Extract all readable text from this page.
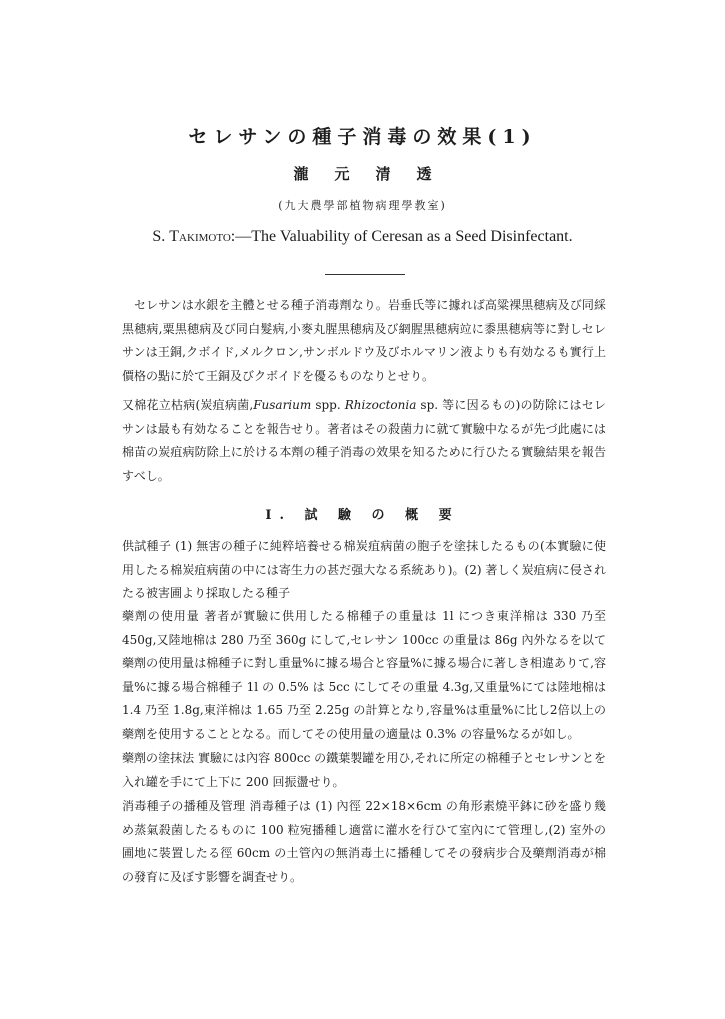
セレサンの種子消毒の效果(1)
瀧元清透
(九大農學部植物病理學教室)
S. Takimoto:—The Valuability of Ceresan as a Seed Disinfectant.
セレサンは水銀を主體とせる種子消毒劑なり。岩垂氏等に據れば高粱裸黒穂病及び同綵黒穂病,粟黒穂病及び同白髮病,小麥丸腥黒穂病及び網腥黒穂病竝に黍黒穂病等に對しセレサンは王銅,クボイド,メルクロン,サンボルドウ及びホルマリン液よりも有効なるも實行上價格の點に於て王銅及びクボイドを優るものなりとせり。
又棉花立枯病(炭疽病菌,Fusarium spp. Rhizoctonia sp. 等に因るもの)の防除にはセレサンは最も有効なることを報告せり。著者はその殺菌力に就て實驗中なるが先づ此處には棉苗の炭疽病防除上に於ける本劑の種子消毒の效果を知るために行ひたる實驗結果を報告すべし。
I. 試 驗 の 概 要
供試種子 (1) 無害の種子に純粹培養せる棉炭疽病菌の胞子を塗抹したるもの(本實驗に使用したる棉炭疽病菌の中には寄生力の甚だ强大なる系統あり)。(2) 著しく炭疽病に侵されたる被害圃より採取したる種子
藥劑の使用量 著者が實驗に供用したる棉種子の重量は 1l につき東洋棉は 330 乃至 450g,又陸地棉は 280 乃至 360g にして,セレサン 100cc の重量は 86g 內外なるを以て藥劑の使用量は棉種子に對し重量%に據る場合と容量%に據る場合に著しき相違ありて,容量%に據る場合棉種子 1l の 0.5% は 5cc にしてその重量 4.3g,又重量%にては陸地棉は 1.4 乃至 1.8g,東洋棉は 1.65 乃至 2.25g の計算となり,容量%は重量%に比し2倍以上の藥劑を使用することとなる。而してその使用量の適量は 0.3% の容量%なるが如し。
藥劑の塗抹法 實驗には內容 800cc の鐵葉製罐を用ひ,それに所定の棉種子とセレサンとを入れ罐を手にて上下に 200 回振盪せり。
消毒種子の播種及管理 消毒種子は (1) 內徑 22×18×6cm の角形素燒平鉢に砂を盛り幾め蒸氣殺菌したるものに 100 粒宛播種し適當に灌水を行ひて室內にて管理し,(2) 室外の圃地に裝置したる徑 60cm の土管內の無消毒土に播種してその發病步合及藥劑消毒が棉の發育に及ぼす影響を調査せり。
